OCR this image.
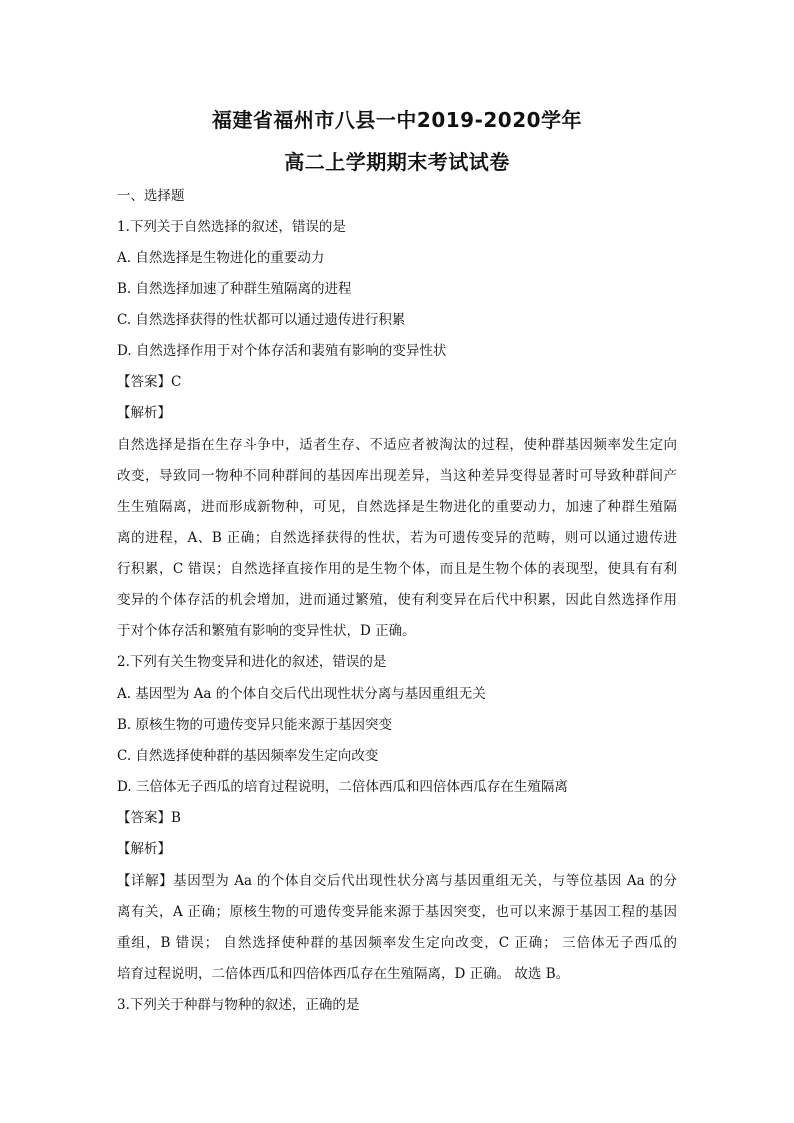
福建省福州市八县一中2019-2020学年
高二上学期期末考试试卷
一、选择题
1.下列关于自然选择的叙述，错误的是
A. 自然选择是生物进化的重要动力
B. 自然选择加速了种群生殖隔离的进程
C. 自然选择获得的性状都可以通过遗传进行积累
D. 自然选择作用于对个体存活和裴殖有影响的变异性状
【答案】C
【解析】
自然选择是指在生存斗争中，适者生存、不适应者被淘汰的过程，使种群基因频率发生定向
改变，导致同一物种不同种群间的基因库出现差异，当这种差异变得显著时可导致种群间产
生生殖隔离，进而形成新物种，可见，自然选择是生物进化的重要动力，加速了种群生殖隔
离的进程，A、B 正确；自然选择获得的性状，若为可遗传变异的范畴，则可以通过遗传进
行积累，C 错误；自然选择直接作用的是生物个体，而且是生物个体的表现型，使具有有利
变异的个体存活的机会增加，进而通过繁殖，使有利变异在后代中积累，因此自然选择作用
于对个体存活和繁殖有影响的变异性状，D 正确。
2.下列有关生物变异和进化的叙述，错误的是
A. 基因型为 Aa 的个体自交后代出现性状分离与基因重组无关
B. 原核生物的可遗传变异只能来源于基因突变
C. 自然选择使种群的基因频率发生定向改变
D. 三倍体无子西瓜的培育过程说明，二倍体西瓜和四倍体西瓜存在生殖隔离
【答案】B
【解析】
【详解】基因型为 Aa 的个体自交后代出现性状分离与基因重组无关，与等位基因 Aa 的分
离有关，A 正确；原核生物的可遗传变异能来源于基因突变，也可以来源于基因工程的基因
重组，B 错误； 自然选择使种群的基因频率发生定向改变，C 正确； 三倍体无子西瓜的
培育过程说明，二倍体西瓜和四倍体西瓜存在生殖隔离，D 正确。 故选 B。
3.下列关于种群与物种的叙述，正确的是
